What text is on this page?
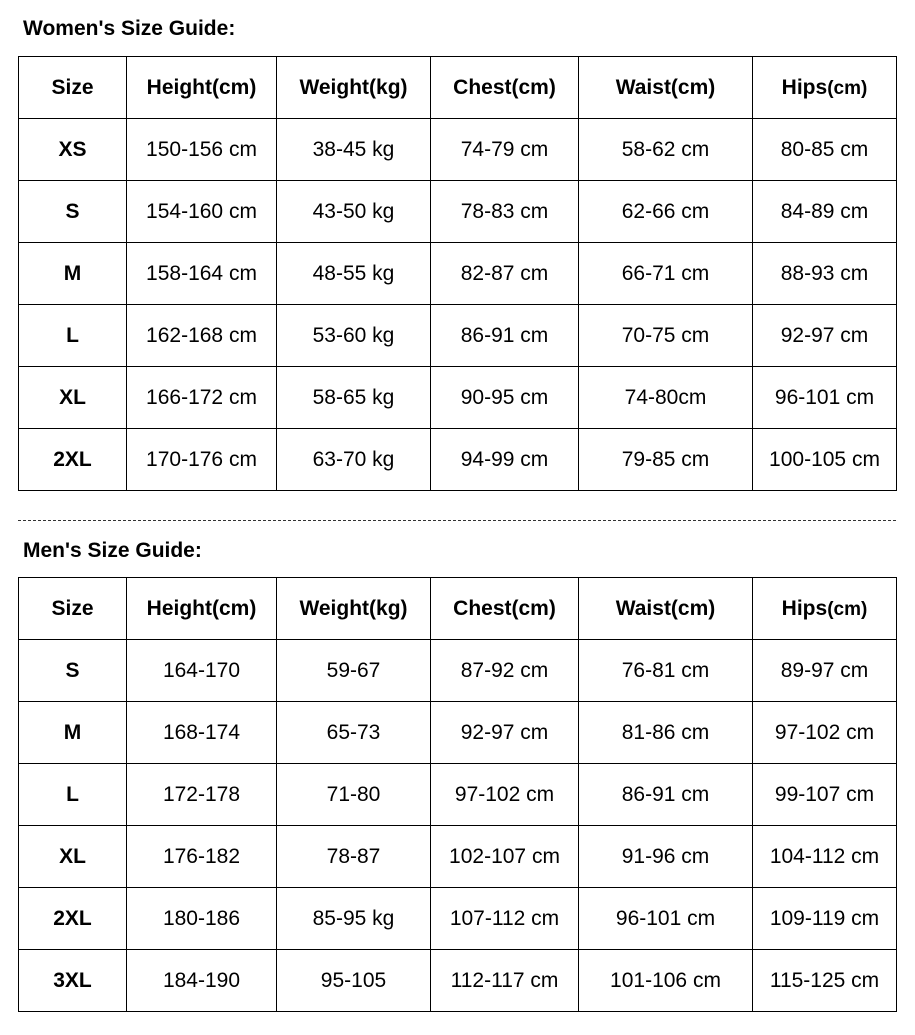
Women's Size Guide:
Size	Height(cm)	Weight(kg)	Chest(cm)	Waist(cm)	Hips(cm)
XS	150-156 cm	38-45 kg	74-79 cm	58-62 cm	80-85 cm
S	154-160 cm	43-50 kg	78-83 cm	62-66 cm	84-89 cm
M	158-164 cm	48-55 kg	82-87 cm	66-71 cm	88-93 cm
L	162-168 cm	53-60 kg	86-91 cm	70-75 cm	92-97 cm
XL	166-172 cm	58-65 kg	90-95 cm	74-80cm	96-101 cm
2XL	170-176 cm	63-70 kg	94-99 cm	79-85 cm	100-105 cm
Men's Size Guide:
Size	Height(cm)	Weight(kg)	Chest(cm)	Waist(cm)	Hips(cm)
S	164-170	59-67	87-92 cm	76-81 cm	89-97 cm
M	168-174	65-73	92-97 cm	81-86 cm	97-102 cm
L	172-178	71-80	97-102 cm	86-91 cm	99-107 cm
XL	176-182	78-87	102-107 cm	91-96 cm	104-112 cm
2XL	180-186	85-95 kg	107-112 cm	96-101 cm	109-119 cm
3XL	184-190	95-105	112-117 cm	101-106 cm	115-125 cm
